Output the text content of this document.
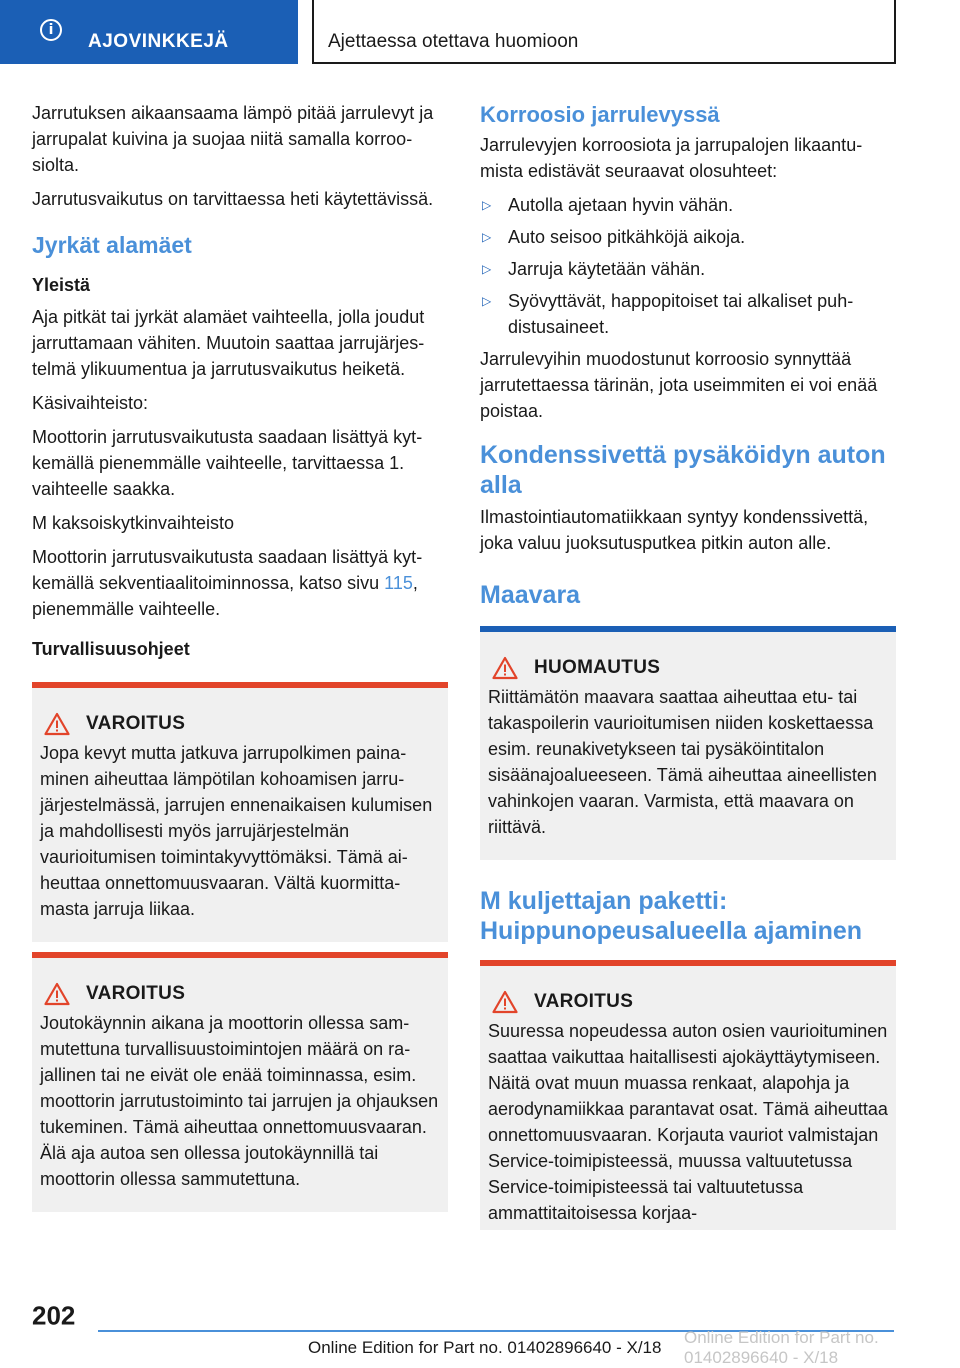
i
AJOVINKKEJÄ	Ajettaessa otettava huomioon

Jarrutuksen aikaansaama lämpö pitää jarrulevyt ja jarrupalat kuivina ja suojaa niitä samalla korroosiolta.

Jarrutusvaikutus on tarvittaessa heti käytettävissä.

Jyrkät alamäet
Yleistä

Aja pitkät tai jyrkät alamäet vaihteella, jolla joudut jarruttamaan vähiten. Muutoin saattaa jarrujärjestelmä ylikuumentua ja jarrutusvaikutus heiketä.

Käsivaihteisto:

Moottorin jarrutusvaikutusta saadaan lisättyä kytkemällä pienemmälle vaihteelle, tarvittaessa 1. vaihteelle saakka.

M kaksoiskytkinvaihteisto

Moottorin jarrutusvaikutusta saadaan lisättyä kytkemällä sekventiaalitoiminnossa, katso sivu 115, pienemmälle vaihteelle.

Turvallisuusohjeet
VAROITUS

Jopa kevyt mutta jatkuva jarrupolkimen painaminen aiheuttaa lämpötilan kohoamisen jarrujärjestelmässä, jarrujen ennenaikaisen kulumisen ja mahdollisesti myös jarrujärjestelmän vaurioitumisen toimintakyvyttömäksi. Tämä aiheuttaa onnettomuusvaaran. Vältä kuormittamasta jarruja liikaa.

VAROITUS

Joutokäynnin aikana ja moottorin ollessa sammutettuna turvallisuustoimintojen määrä on rajallinen tai ne eivät ole enää toiminnassa, esim. moottorin jarrutustoiminto tai jarrujen ja ohjauksen tukeminen. Tämä aiheuttaa onnettomuusvaaran. Älä aja autoa sen ollessa joutokäynnillä tai moottorin ollessa sammutettuna.

Korroosio jarrulevyssä

Jarrulevyjen korroosiota ja jarrupalojen likaantumista edistävät seuraavat olosuhteet:

▷ Autolla ajetaan hyvin vähän.
▷ Auto seisoo pitkähköjä aikoja.
▷ Jarruja käytetään vähän.
▷ Syövyttävät, happopitoiset tai alkaliset puhdistusaineet.

Jarrulevyihin muodostunut korroosio synnyttää jarrutettaessa tärinän, jota useimmiten ei voi enää poistaa.

Kondenssivettä pysäköidyn auton alla

Ilmastointiautomatiikkaan syntyy kondenssivettä, joka valuu juoksutusputkea pitkin auton alle.

Maavara
HUOMAUTUS

Riittämätön maavara saattaa aiheuttaa etu- tai takaspoilerin vaurioitumisen niiden koskettaessa esim. reunakivetykseen tai pysäköintitalon sisäänajoalueeseen. Tämä aiheuttaa aineellisten vahinkojen vaaran. Varmista, että maavara on riittävä.

M kuljettajan paketti:
Huippunopeusalueella ajaminen
VAROITUS

Suuressa nopeudessa auton osien vaurioituminen saattaa vaikuttaa haitallisesti ajokäyttäytymiseen. Näitä ovat muun muassa renkaat, alapohja ja aerodynamiikkaa parantavat osat. Tämä aiheuttaa onnettomuusvaaran. Korjauta vauriot valmistajan Service-toimipisteessä, muussa valtuutetussa Service-toimipisteessä tai valtuutetussa ammattitaitoisessa korjaa-

202
Online Edition for Part no. 01402896640 - X/18
Online Edition for Part no. 01402896640 - X/18
